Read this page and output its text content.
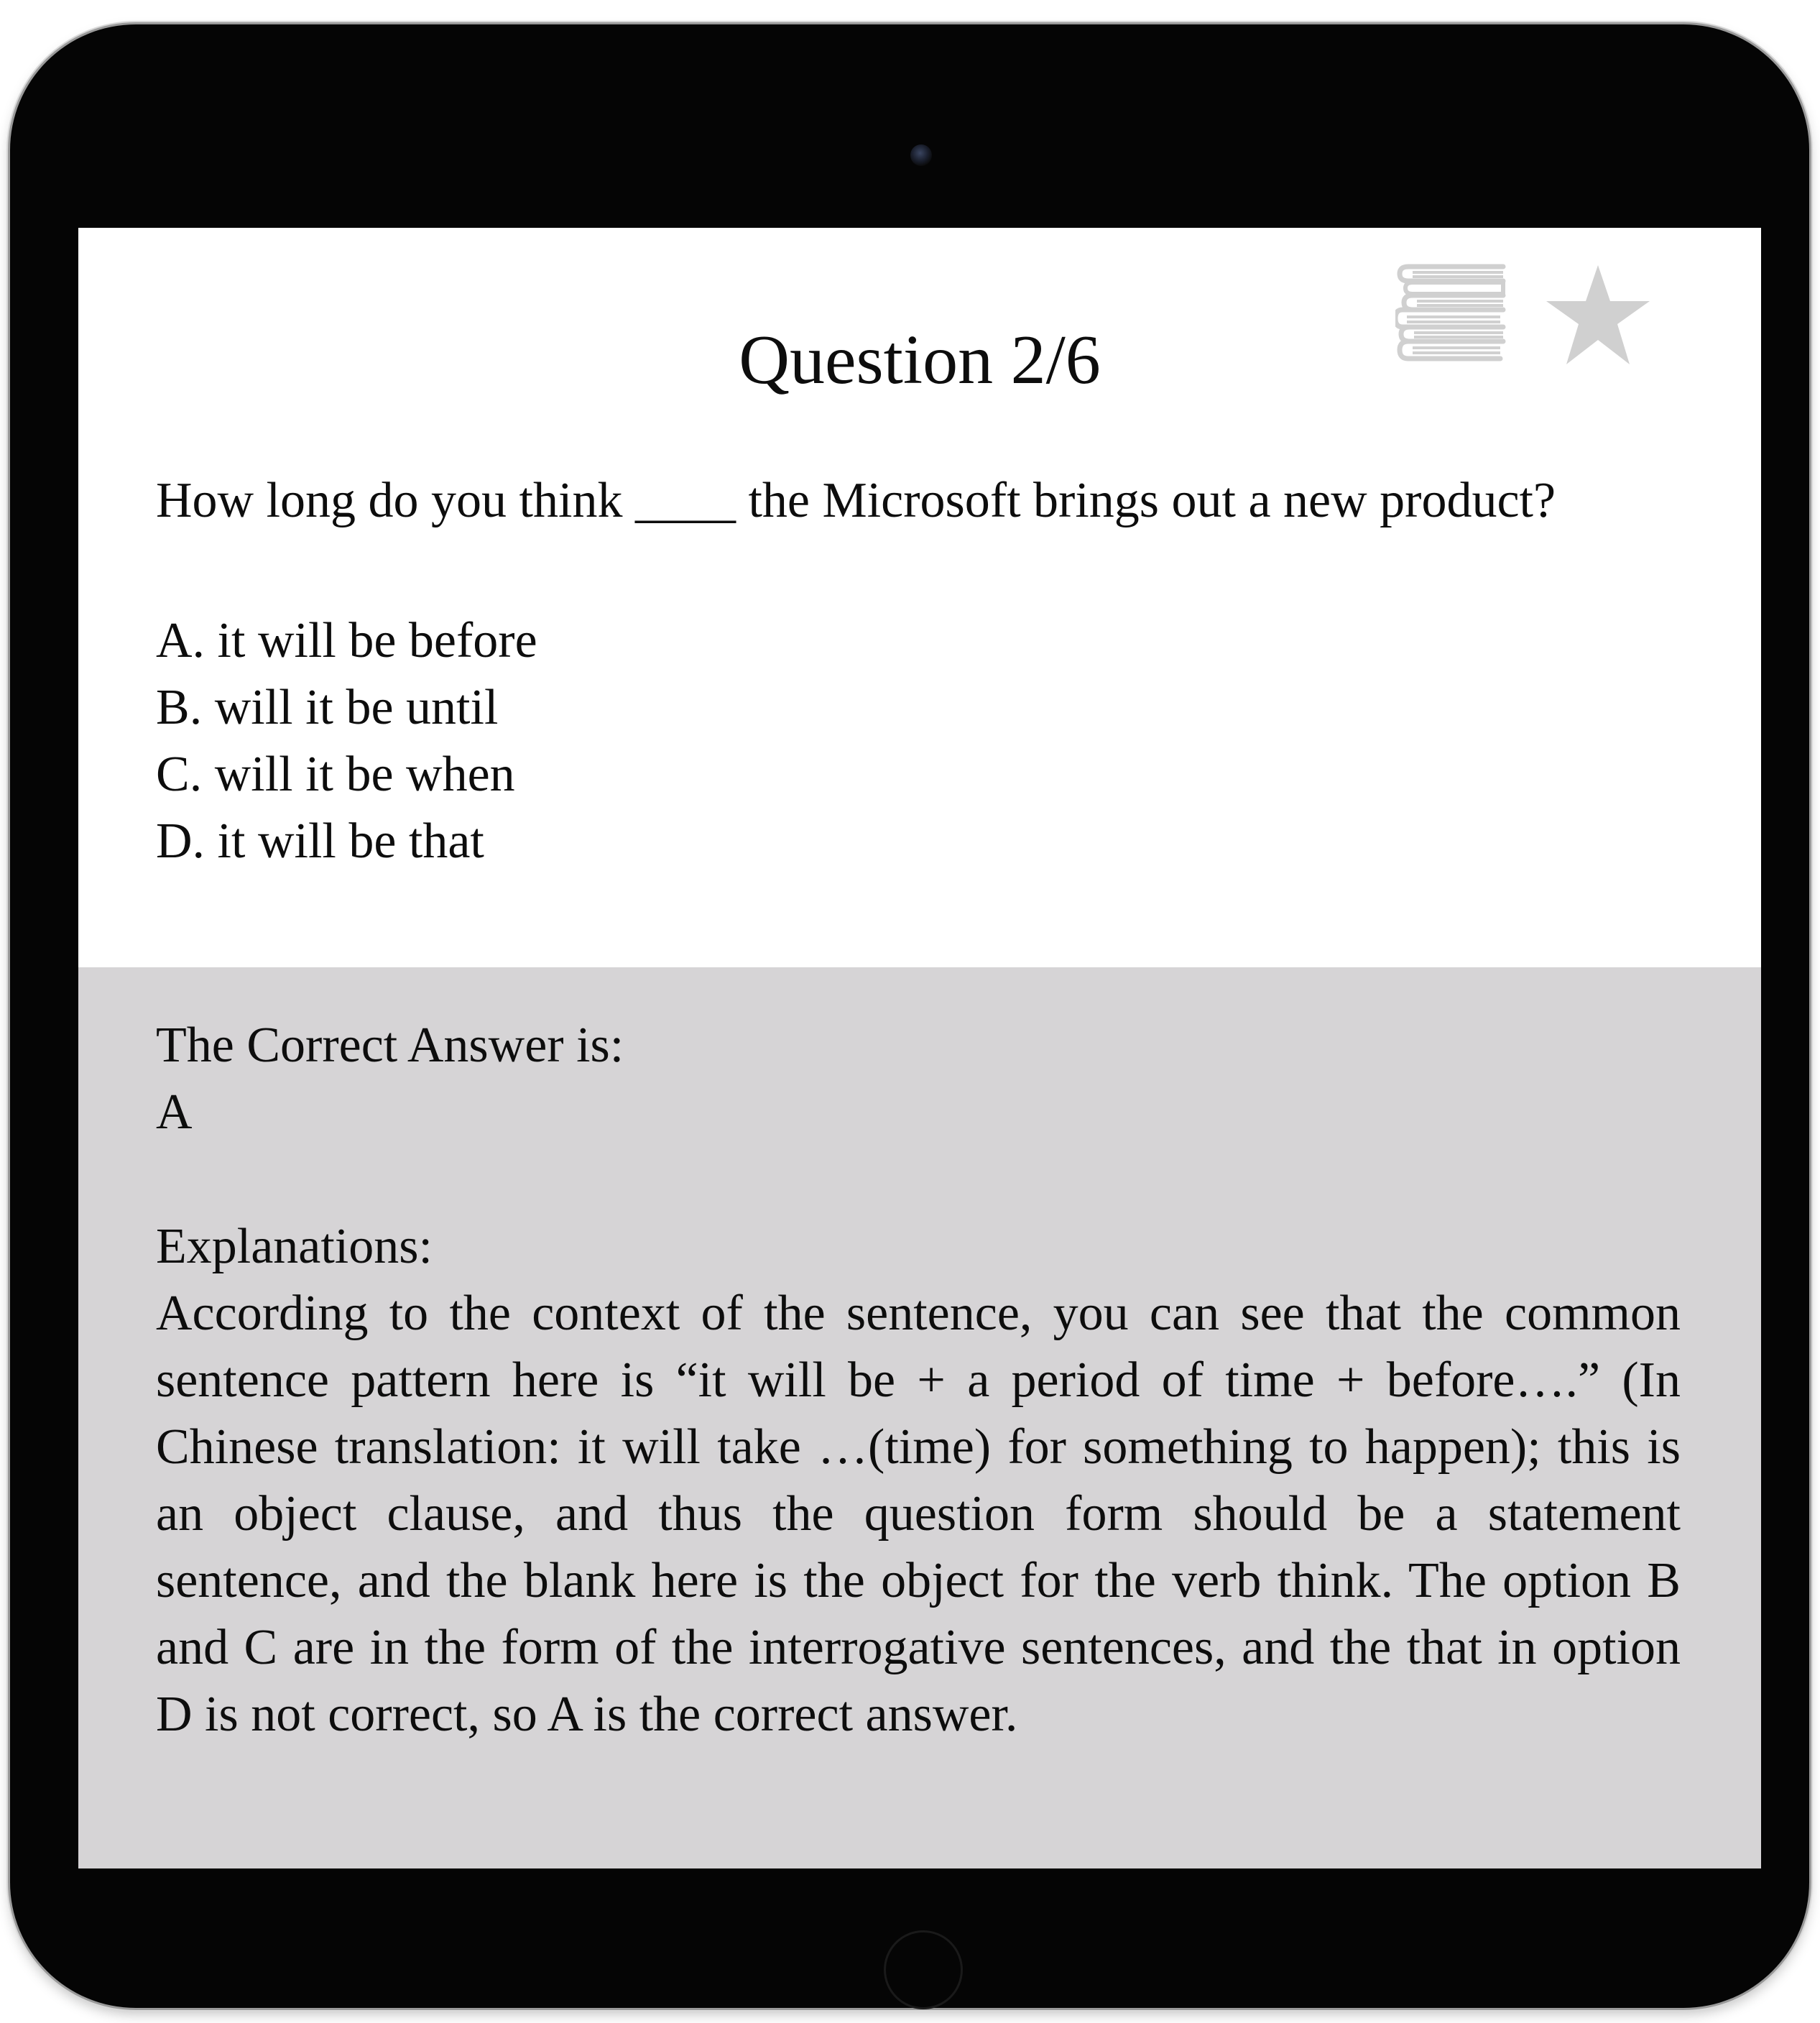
Question 2/6

How long do you think ____ the Microsoft brings out a new product?

A. it will be before
B. will it be until
C. will it be when
D. it will be that
The Correct Answer is:
A
Explanations:

According to the context of the sentence, you can see that the common sentence pattern here is “it will be + a period of time + before….” (In Chinese translation: it will take …(time) for something to happen); this is an object clause, and thus the question form should be a statement sentence, and the blank here is the object for the verb think. The option B and C are in the form of the interrogative sentences, and the that in option D is not correct, so A is the correct answer.
